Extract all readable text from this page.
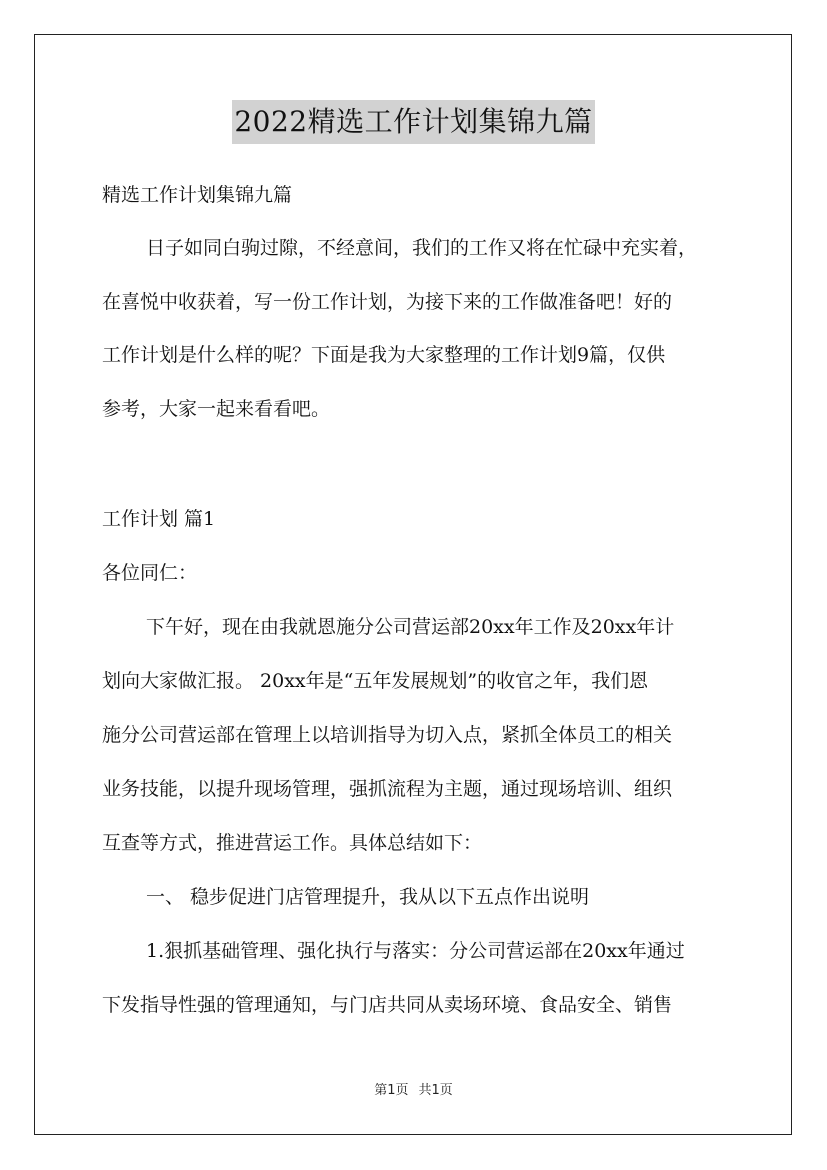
2022精选工作计划集锦九篇
精选工作计划集锦九篇
日子如同白驹过隙，不经意间，我们的工作又将在忙碌中充实着，
在喜悦中收获着，写一份工作计划，为接下来的工作做准备吧！好的
工作计划是什么样的呢？下面是我为大家整理的工作计划9篇，仅供
参考，大家一起来看看吧。
工作计划 篇1
各位同仁：
下午好，现在由我就恩施分公司营运部20xx年工作及20xx年计
划向大家做汇报。 20xx年是“五年发展规划”的收官之年，我们恩
施分公司营运部在管理上以培训指导为切入点，紧抓全体员工的相关
业务技能，以提升现场管理，强抓流程为主题，通过现场培训、组织
互查等方式，推进营运工作。具体总结如下：
一、 稳步促进门店管理提升，我从以下五点作出说明
1.狠抓基础管理、强化执行与落实：分公司营运部在20xx年通过
下发指导性强的管理通知，与门店共同从卖场环境、食品安全、销售
第1页 共1页
